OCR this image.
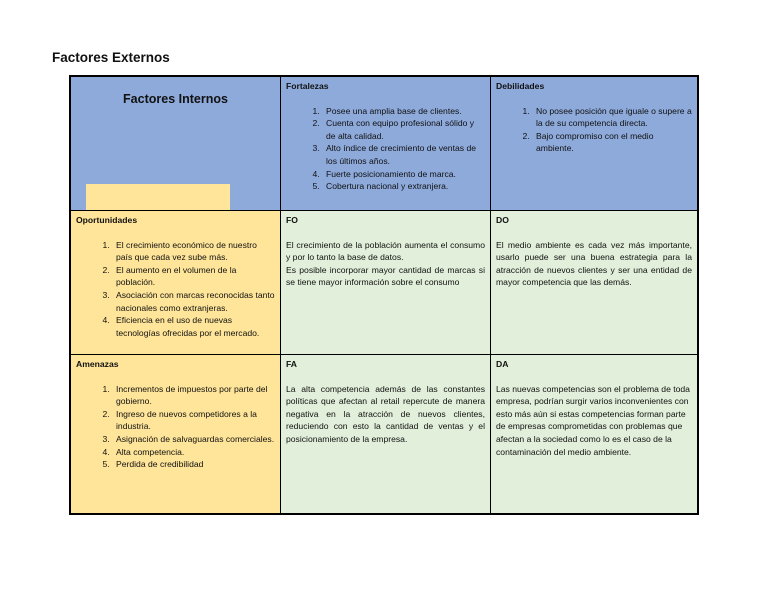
Factores Externos
Factores Internos
Fortalezas
1. Posee una amplia base de clientes.
2. Cuenta con equipo profesional sólido y de alta calidad.
3. Alto índice de crecimiento de ventas de los últimos años.
4. Fuerte posicionamiento de marca.
5. Cobertura nacional y extranjera.
Debilidades
1. No posee posición que iguale o supere a la de su competencia directa.
2. Bajo compromiso con el medio ambiente.
Oportunidades
1. El crecimiento económico de nuestro país que cada vez sube más.
2. El aumento en el volumen de la población.
3. Asociación con marcas reconocidas tanto nacionales como extranjeras.
4. Eficiencia en el uso de nuevas tecnologías ofrecidas por el mercado.
FO

El crecimiento de la población aumenta el consumo y por lo tanto la base de datos.
Es posible incorporar mayor cantidad de marcas si se tiene mayor información sobre el consumo

DO

El medio ambiente es cada vez más importante, usarlo puede ser una buena estrategia para la atracción de nuevos clientes y ser una entidad de mayor competencia que las demás.

Amenazas
1. Incrementos de impuestos por parte del gobierno.
2. Ingreso de nuevos competidores a la industria.
3. Asignación de salvaguardas comerciales.
4. Alta competencia.
5. Perdida de credibilidad
FA

La alta competencia además de las constantes políticas que afectan al retail repercute de manera negativa en la atracción de nuevos clientes, reduciendo con esto la cantidad de ventas y el posicionamiento de la empresa.

DA

Las nuevas competencias son el problema de toda empresa, podrían surgir varios inconvenientes con esto más aún si estas competencias forman parte de empresas comprometidas con problemas que afectan a la sociedad como lo es el caso de la contaminación del medio ambiente.
